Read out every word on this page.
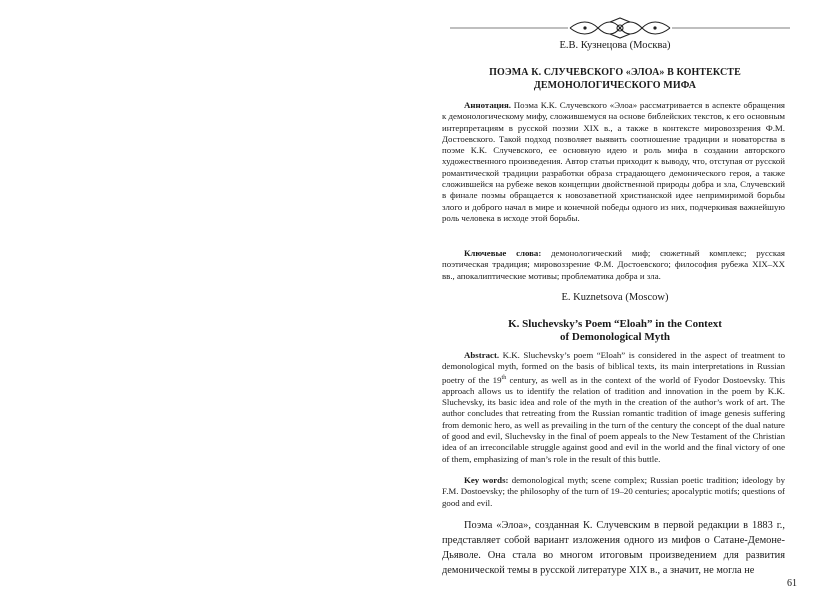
Е.В. Кузнецова (Москва)
ПОЭМА К. СЛУЧЕВСКОГО «ЭЛОА» В КОНТЕКСТЕ
ДЕМОНОЛОГИЧЕСКОГО МИФА
Аннотация. Поэма К.К. Случевского «Элоа» рассматривается в аспекте обращения к демонологическому мифу, сложившемуся на основе библейских текстов, к его основным интерпретациям в русской поэзии XIX в., а также в контексте мировоззрения Ф.М. Достоевского. Такой подход позволяет выявить соотношение традиции и новаторства в поэме К.К. Случевского, ее основную идею и роль мифа в создании авторского художественного произведения. Автор статьи приходит к выводу, что, отступая от русской романтической традиции разработки образа страдающего демонического героя, а также сложившейся на рубеже веков концепции двойственной природы добра и зла, Случевский в финале поэмы обращается к новозаветной христианской идее непримиримой борьбы злого и доброго начал в мире и конечной победы одного из них, подчеркивая важнейшую роль человека в исходе этой борьбы.
Ключевые слова: демонологический миф; сюжетный комплекс; русская поэтическая традиция; мировоззрение Ф.М. Достоевского; философия рубежа XIX–XX вв., апокалиптические мотивы; проблематика добра и зла.
E. Kuznetsova (Moscow)
K. Sluchevsky’s Poem “Eloah” in the Context
of Demonological Myth
Abstract. K.K. Sluchevsky’s poem “Eloah” is considered in the aspect of treatment to demonological myth, formed on the basis of biblical texts, its main interpretations in Russian poetry of the 19th century, as well as in the context of the world of Fyodor Dostoevsky. This approach allows us to identify the relation of tradition and innovation in the poem by K.K. Sluchevsky, its basic idea and role of the myth in the creation of the author’s work of art. The author concludes that retreating from the Russian romantic tradition of image genesis suffering from demonic hero, as well as prevailing in the turn of the century the concept of the dual nature of good and evil, Sluchevsky in the final of poem appeals to the New Testament of the Christian idea of an irreconcilable struggle against good and evil in the world and the final victory of one of them, emphasizing of man’s role in the result of this buttle.
Key words: demonological myth; scene complex; Russian poetic tradition; ideology by F.M. Dostoevsky; the philosophy of the turn of 19–20 centuries; apocalyptic motifs; questions of good and evil.
Поэма «Элоа», созданная К. Случевским в первой редакции в 1883 г., представляет собой вариант изложения одного из мифов о Сатане-Демоне-Дьяволе. Она стала во многом итоговым произведением для развития демонической темы в русской литературе XIX в., а значит, не могла не
61
